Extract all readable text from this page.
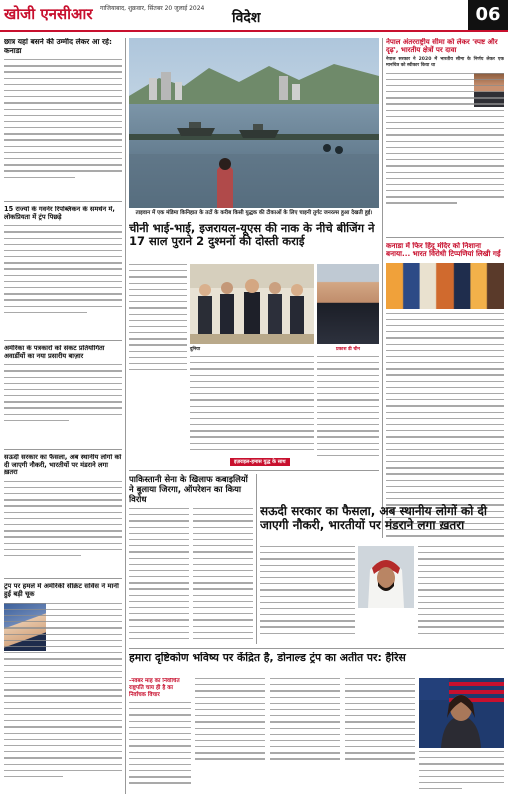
खोजी एनसीआर गाजियाबाद, शुक्रवार, सिंतबर 20 जुलाई 2024
विदेश	06
छात्र यहां बसने की उम्मीद लेकर आ रहे: कनाडा
15 राज्यों के गवर्नर रिपब्लिकन के समर्थन में, लोकप्रियता में ट्रंप पिछड़े
अमेरिका के पत्रकारों को संकट प्रतियोगिता अवार्डीयों का नया प्रसारीय बाज़ार
सऊदी सरकार का फैसला, अब स्थानीय लोगों को दी जाएगी नौकरी, भारतीयों पर मंडराने लगा ख़तरा
ट्रंप पर हमले में अमेरिकी सीक्रेट सर्विस ने मानी हुई बड़ी चूक
ताइवान में एक मंडिमा किनिहात के तटों के करीब किसी युद्धक की टीकाओं के लिए चाइनी तुर्गट जनरल्स हुआ देखती हुई।
नेपाल अंतरराष्ट्रीय सीमा को लेकर 'स्पष्ट और दृढ़', भारतीय क्षेत्रों पर दावा
नेपाल सरकार ने 2020 में भारतीय सीमा के निर्णय लेकर एक मानचित्र को स्वीकार किया था
चीनी भाई-भाई, इजरायल-यूएस की नाक के नीचे बीजिंग ने 17 साल पुराने 2 दुश्मनों की दोस्ती कराई
दुनिया	प्रकाश डी चीन
इज़राइल-हमास युद्ध के साथ
कनाडा में फिर हिंदू मंदिर को निशाना बनाया... भारत विरोधी टिप्पणियां लिखी गईं
पाकिस्तानी सेना के खिलाफ कबाइलियों ने बुलाया जिरगा, ऑपरेशन का किया विरोध
सऊदी सरकार का फैसला, अब स्थानीय लोगों को दी जाएगी नौकरी, भारतीयों पर मंडराने लगा ख़तरा
हमारा दृष्टिकोण भविष्य पर केंद्रित है, डोनाल्ड ट्रंप का अतीत पर: हैरिस
-नवंबर माह का निर्वाचित राष्ट्रपति चाय ही है का निर्वाचक विचार
